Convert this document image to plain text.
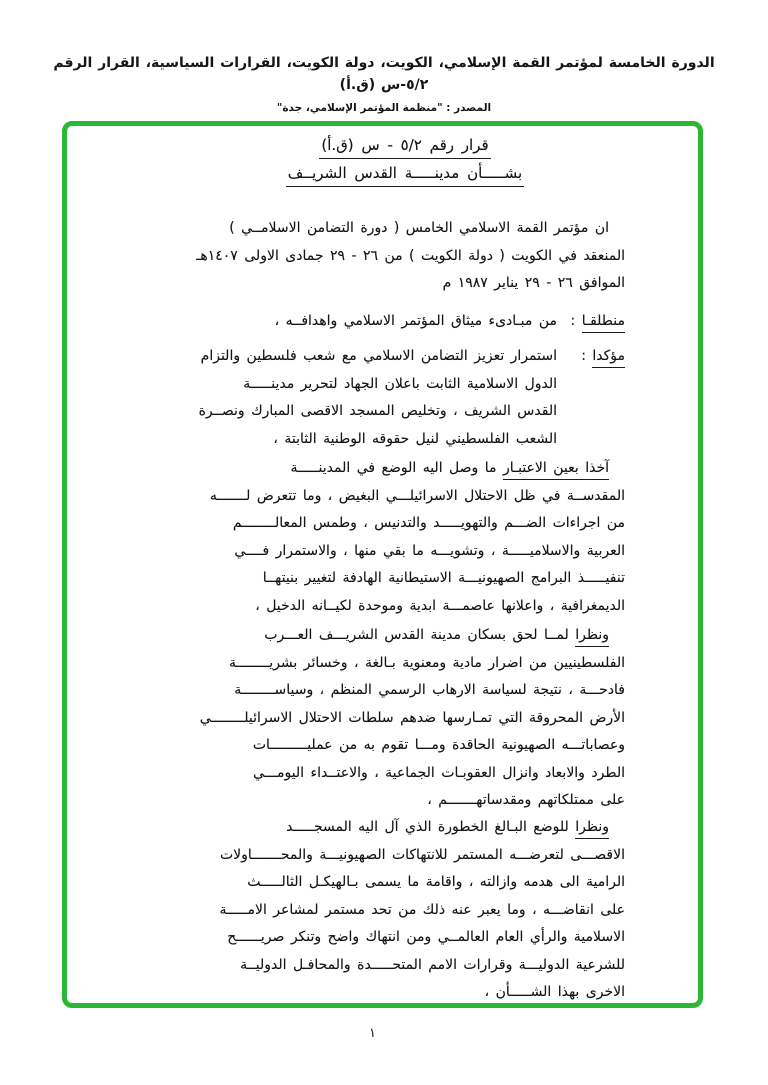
الدورة الخامسة لمؤتمر القمة الإسلامي، الكويت، دولة الكويت، القرارات السياسية، القرار الرقم ٥/٢-س (ق.أ)
المصدر : "منظمة المؤتمر الإسلامي، جدة"
قرار رقم ٥/٢ - س (ق.أ)
بشـــــأن مدينـــــة القدس الشريــف
ان مؤتمر القمة الاسلامي الخامس ( دورة التضامن الاسلامــي )
المنعقد في الكويت ( دولة الكويت ) من ٢٦ - ٢٩ جمادى الاولى ١٤٠٧هـ
الموافق ٢٦ - ٢٩ يناير ١٩٨٧ م
منطلقـا :
من مبـادىء ميثاق المؤتمر الاسلامي واهدافــه ،
مؤكدا :
استمرار تعزيز التضامن الاسلامي مع شعب فلسطين والتزام
الدول الاسلامية الثابت باعلان الجهاد لتحرير مدينـــــة
القدس الشريف ، وتخليص المسجد الاقصى المبارك ونصــرة
الشعب الفلسطيني لنيل حقوقه الوطنية الثابتة ،
آخذا بعين الاعتبـار ما وصل اليه الوضع في المدينـــــة
المقدســة في ظل الاحتلال الاسرائيلـــي البغيض ، وما تتعرض لـــــــه
من اجراءات الضـــم والتهويـــــد والتدنيس ، وطمس المعالــــــــم
العربية والاسلاميـــــة ، وتشويـــه ما بقي منها ، والاستمرار فــــي
تنفيـــــذ البرامج الصهيونيـــة الاستيطانية الهادفة لتغيير بنيتهــا
الديمغرافية ، واعلانها عاصمـــة ابدية وموحدة لكيــانه الدخيل ،
ونظرا لمــا لحق بسكان مدينة القدس الشريـــف العـــرب
الفلسطينيين من اضرار مادية ومعنوية بـالغة ، وخسائر بشريــــــــة
فادحـــة ، نتيجة لسياسة الارهاب الرسمي المنظم ، وسياســــــــة
الأرض المحروقة التي تمـارسها ضدهم سلطات الاحتلال الاسرائيلــــــــي
وعصاباتـــه الصهيونية الحاقدة ومـــا تقوم به من عمليـــــــــات
الطرد والابعاد وانزال العقوبـات الجماعية ، والاعتــداء اليومـــي
على ممتلكاتهم ومقدساتهـــــــم ،
ونظرا للوضع البـالغ الخطورة الذي آل اليه المسجـــــد
الاقصـــى لتعرضـــه المستمر للانتهاكات الصهيونيـــة والمحـــــــاولات
الرامية الى هدمه وازالته ، واقامة ما يسمى بـالهيكـل الثالـــــث
على انقاضـــه ، وما يعبر عنه ذلك من تحد مستمر لمشاعر الامـــــة
الاسلامية والرأي العام العالمــي ومن انتهاك واضح وتنكر صريــــــح
للشرعية الدوليـــة وقرارات الامم المتحـــــدة والمحافـل الدوليــة
الاخرى بهذا الشـــــأن ،
١
